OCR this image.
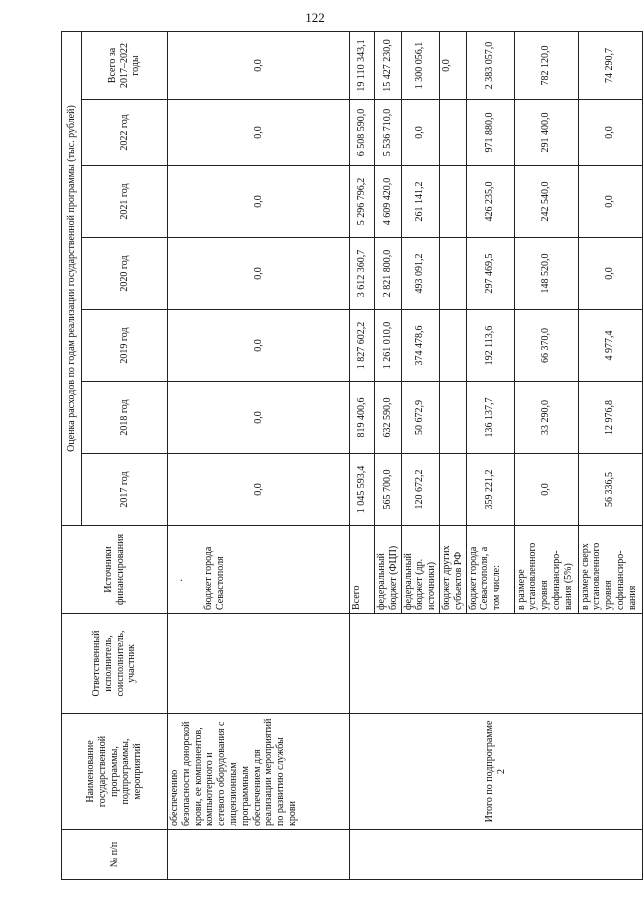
122
№ п/п	Наименование государственной программы, подпрограммы, мероприятий	Ответственный исполнитель, соисполнитель, участник	Источники финансирования	Оценка расходов по годам реализации государственной программы (тыс. рублей)						
				2017 год	2018 год	2019 год	2020 год	2021 год	2022 год	Всего за 2017–2022 годы
	обеспечению безопасности донорской крови, ее компонентов, компьютерного и сетевого оборудования с лицензионным программным обеспечением для реализации мероприятий по развитию службы крови		· бюджет города Севастополя	0,0	0,0	0,0	0,0	0,0	0,0	0,0
	Итого по подпрограмме 2		Всего	1 045 593,4	819 400,6	1 827 602,2	3 612 360,7	5 296 796,2	6 508 590,0	19 110 343,1
			федеральный бюджет (ФЦП)	565 700,0	632 590,0	1 261 010,0	2 821 800,0	4 609 420,0	5 536 710,0	15 427 230,0
			федеральный бюджет (др. источники)	120 672,2	50 672,9	374 478,6	493 091,2	261 141,2	0,0	1 300 056,1
			бюджет других субъектов РФ							0,0
			бюджет города Севастополя, а том числе:	359 221,2	136 137,7	192 113,6	297 469,5	426 235,0	971 880,0	2 383 057,0
			в размере установленного уровня софинансиро-вания (5%)	0,0	33 290,0	66 370,0	148 520,0	242 540,0	291 400,0	782 120,0
			в размере сверх установленного уровня софинансиро-вания	56 336,5	12 976,8	4 977,4	0,0	0,0	0,0	74 290,7
